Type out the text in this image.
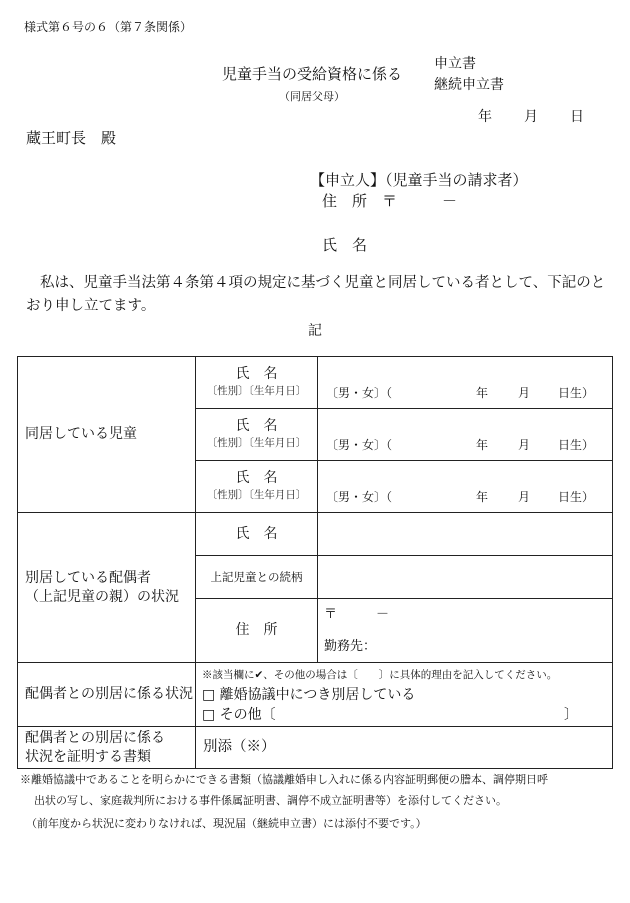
様式第６号の６（第７条関係）
児童手当の受給資格に係る
（同居父母）
申立書
継続申立書
年 月 日
蔵王町長　殿
【申立人】（児童手当の請求者）
住　所　〒　　　－
氏　名
私は、児童手当法第４条第４項の規定に基づく児童と同居している者として、下記のとおり申し立てます。
記
同居している児童	氏　名
〔性別〕〔生年月日〕	〔男・女〕（ 年 月 日生）

	氏　名
〔性別〕〔生年月日〕	〔男・女〕（ 年 月 日生）

	氏　名
〔性別〕〔生年月日〕	〔男・女〕（ 年 月 日生）

別居している配偶者
（上記児童の親）の状況	氏　名	
	上記児童との続柄	
	住　所	〒　　　－
勤務先：

配偶者との別居に係る状況	※該当欄に✔、その他の場合は〔　　〕に具体的理由を記入してください。
□ 離婚協議中につき別居している
□ その他〔 〕	

配偶者との別居に係る
状況を証明する書類	別添（※）	
※離婚協議中であることを明らかにできる書類（協議離婚申し入れに係る内容証明郵便の謄本、調停期日呼
出状の写し、家庭裁判所における事件係属証明書、調停不成立証明書等）を添付してください。
（前年度から状況に変わりなければ、現況届（継続申立書）には添付不要です。）
